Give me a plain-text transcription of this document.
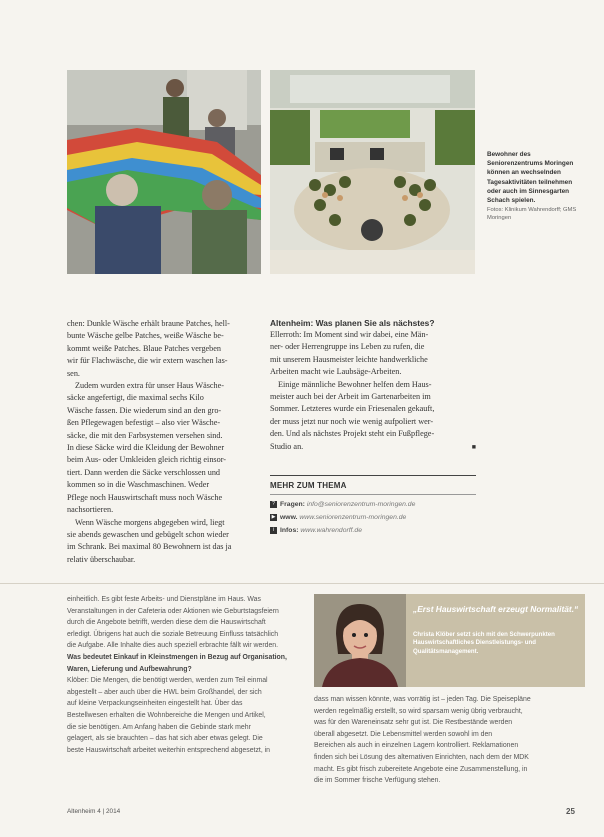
Bewohner des Seniorenzentrums Moringen können an wechselnden Tagesaktivitäten teilnehmen oder auch im Sinnesgarten Schach spielen.
Fotos: Klinikum Wahrendorff; GMS Moringen
chen: Dunkle Wäsche erhält braune Patches, hell-
bunte Wäsche gelbe Patches, weiße Wäsche be-
kommt weiße Patches. Blaue Patches vergeben
wir für Flachwäsche, die wir extern waschen las-
sen.
Zudem wurden extra für unser Haus Wäsche-
säcke angefertigt, die maximal sechs Kilo
Wäsche fassen. Die wiederum sind an den gro-
ßen Pflegewagen befestigt – also vier Wäsche-
säcke, die mit den Farbsystemen versehen sind.
In diese Säcke wird die Kleidung der Bewohner
beim Aus- oder Umkleiden gleich richtig einsor-
tiert. Dann werden die Säcke verschlossen und
kommen so in die Waschmaschinen. Weder
Pflege noch Hauswirtschaft muss noch Wäsche
nachsortieren.
Wenn Wäsche morgens abgegeben wird, liegt
sie abends gewaschen und gebügelt schon wieder
im Schrank. Bei maximal 80 Bewohnern ist das ja
relativ überschaubar.
Altenheim: Was planen Sie als nächstes?
Ellerroth: Im Moment sind wir dabei, eine Män-
ner- oder Herrengruppe ins Leben zu rufen, die
mit unserem Hausmeister leichte handwerkliche
Arbeiten macht wie Laubsäge-Arbeiten.
Einige männliche Bewohner helfen dem Haus-
meister auch bei der Arbeit im Gartenarbeiten im
Sommer. Letzteres wurde ein Friesenalen gekauft,
der muss jetzt nur noch wie wenig aufpoliert wer-
den. Und als nächstes Projekt steht ein Fußpflege-
Studio an.	■
MEHR ZUM THEMA
? Fragen: info@seniorenzentrum-moringen.de
▶ www. www.seniorenzentrum-moringen.de
i Infos: www.wahrendorff.de
einheitlich. Es gibt feste Arbeits- und Dienstpläne im Haus. Was
Veranstaltungen in der Cafeteria oder Aktionen wie Geburtstagsfeiern
durch die Angebote betrifft, werden diese dem die Hauswirtschaft
erledigt. Übrigens hat auch die soziale Betreuung Einfluss tatsächlich
die Aufgabe. Alle Inhalte dies auch speziell erbrachte fällt wir werden.
Was bedeutet Einkauf in Kleinstmengen in Bezug auf Organisation, Waren, Lieferung und Aufbewahrung?
Klöber: Die Mengen, die benötigt werden, werden zum Teil einmal
abgestellt – aber auch über die HWL beim Großhandel, der sich
auf kleine Verpackungseinheiten eingestellt hat. Über das
Bestellwesen erhalten die Wohnbereiche die Mengen und Artikel,
die sie benötigen. Am Anfang haben die Gebinde stark mehr
gelagert, als sie brauchten – das hat sich aber etwas gelegt. Die
beste Hauswirtschaft arbeitet weiterhin entsprechend abgesetzt, in
„Erst Hauswirtschaft erzeugt Normalität.“
Christa Klöber setzt sich mit den Schwerpunkten Hauswirtschaftliches Dienstleistungs- und Qualitätsmanagement.
dass man wissen könnte, was vorrätig ist – jeden Tag. Die Speisepläne
werden regelmäßig erstellt, so wird sparsam wenig übrig verbraucht,
was für den Wareneinsatz sehr gut ist. Die Restbestände werden
überall abgesetzt. Die Lebensmittel werden sowohl im den
Bereichen als auch in einzelnen Lagern kontrolliert. Reklamationen
finden sich bei Lösung des alternativen Einrichten, nach dem der MDK
macht. Es gibt frisch zubereitete Angebote eine Zusammenstellung, in
die im Sommer frische Verfügung stehen.
Altenheim 4 | 2014	25
